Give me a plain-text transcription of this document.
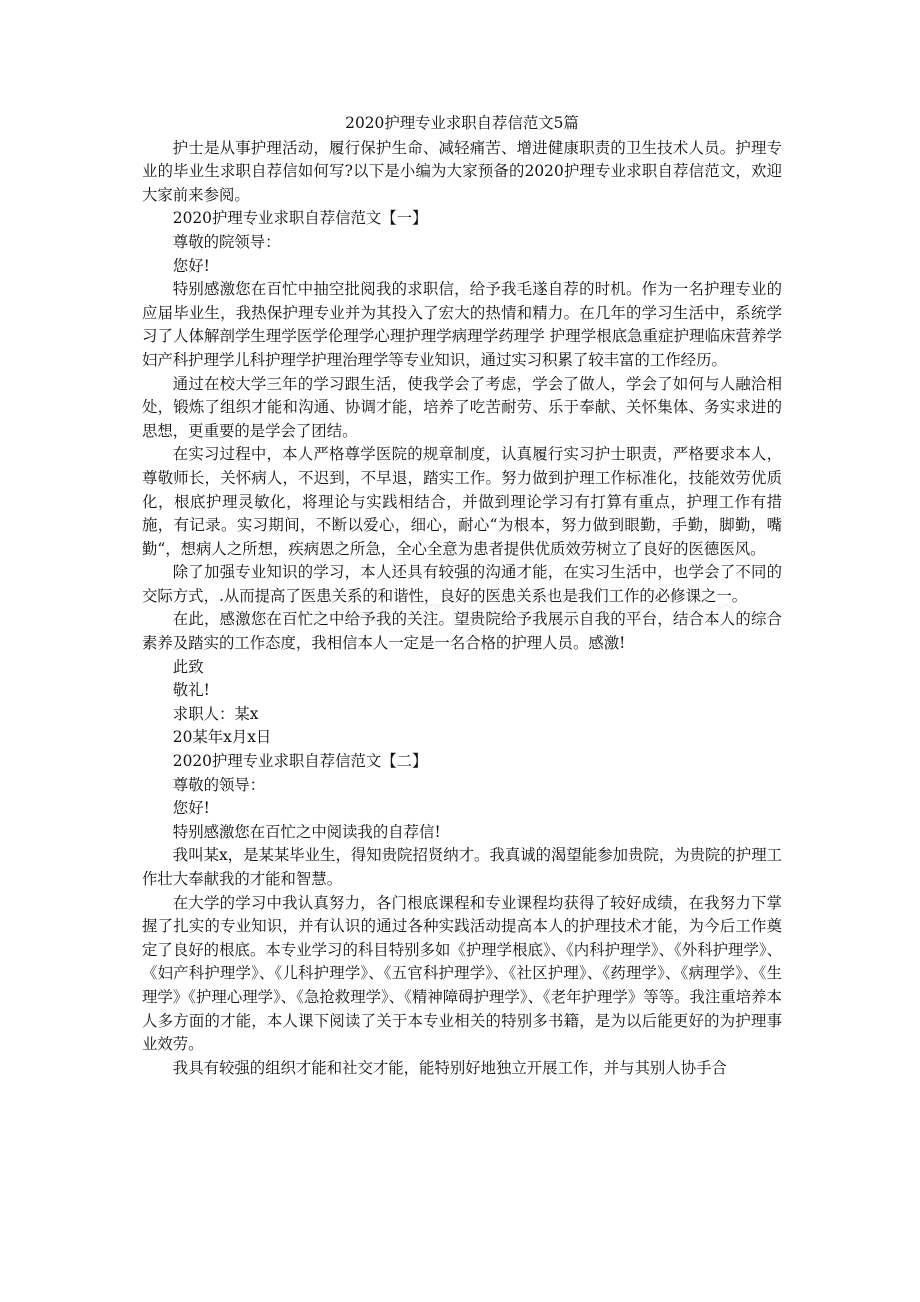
2020护理专业求职自荐信范文5篇

护士是从事护理活动，履行保护生命、减轻痛苦、增进健康职责的卫生技术人员。护理专业的毕业生求职自荐信如何写?以下是小编为大家预备的2020护理专业求职自荐信范文，欢迎大家前来参阅。

2020护理专业求职自荐信范文【一】

尊敬的院领导：

您好!

特别感激您在百忙中抽空批阅我的求职信，给予我毛遂自荐的时机。作为一名护理专业的应届毕业生，我热保护理专业并为其投入了宏大的热情和精力。在几年的学习生活中，系统学习了人体解剖学生理学医学伦理学心理护理学病理学药理学 护理学根底急重症护理临床营养学妇产科护理学儿科护理学护理治理学等专业知识，通过实习积累了较丰富的工作经历。

通过在校大学三年的学习跟生活，使我学会了考虑，学会了做人，学会了如何与人融洽相处，锻炼了组织才能和沟通、协调才能，培养了吃苦耐劳、乐于奉献、关怀集体、务实求进的思想，更重要的是学会了团结。

在实习过程中，本人严格尊学医院的规章制度，认真履行实习护士职责，严格要求本人，尊敬师长，关怀病人，不迟到，不早退，踏实工作。努力做到护理工作标准化，技能效劳优质化，根底护理灵敏化，将理论与实践相结合，并做到理论学习有打算有重点，护理工作有措施，有记录。实习期间，不断以爱心，细心，耐心“为根本，努力做到眼勤，手勤，脚勤，嘴勤“，想病人之所想，疾病恩之所急，全心全意为患者提供优质效劳树立了良好的医德医风。

除了加强专业知识的学习，本人还具有较强的沟通才能，在实习生活中，也学会了不同的交际方式，.从而提高了医患关系的和谐性，良好的医患关系也是我们工作的必修课之一。

在此，感激您在百忙之中给予我的关注。望贵院给予我展示自我的平台，结合本人的综合素养及踏实的工作态度，我相信本人一定是一名合格的护理人员。感激!

此致

敬礼!

求职人：某x

20某年x月x日

2020护理专业求职自荐信范文【二】

尊敬的领导：

您好!

特别感激您在百忙之中阅读我的自荐信!

我叫某x，是某某毕业生，得知贵院招贤纳才。我真诚的渴望能参加贵院，为贵院的护理工作壮大奉献我的才能和智慧。

在大学的学习中我认真努力，各门根底课程和专业课程均获得了较好成绩，在我努力下掌握了扎实的专业知识，并有认识的通过各种实践活动提高本人的护理技术才能，为今后工作奠定了良好的根底。本专业学习的科目特别多如《护理学根底》、《内科护理学》、《外科护理学》、《妇产科护理学》、《儿科护理学》、《五官科护理学》、《社区护理》、《药理学》、《病理学》、《生理学》《护理心理学》、《急抢救理学》、《精神障碍护理学》、《老年护理学》等等。我注重培养本人多方面的才能，本人课下阅读了关于本专业相关的特别多书籍，是为以后能更好的为护理事业效劳。

我具有较强的组织才能和社交才能，能特别好地独立开展工作，并与其别人协手合
